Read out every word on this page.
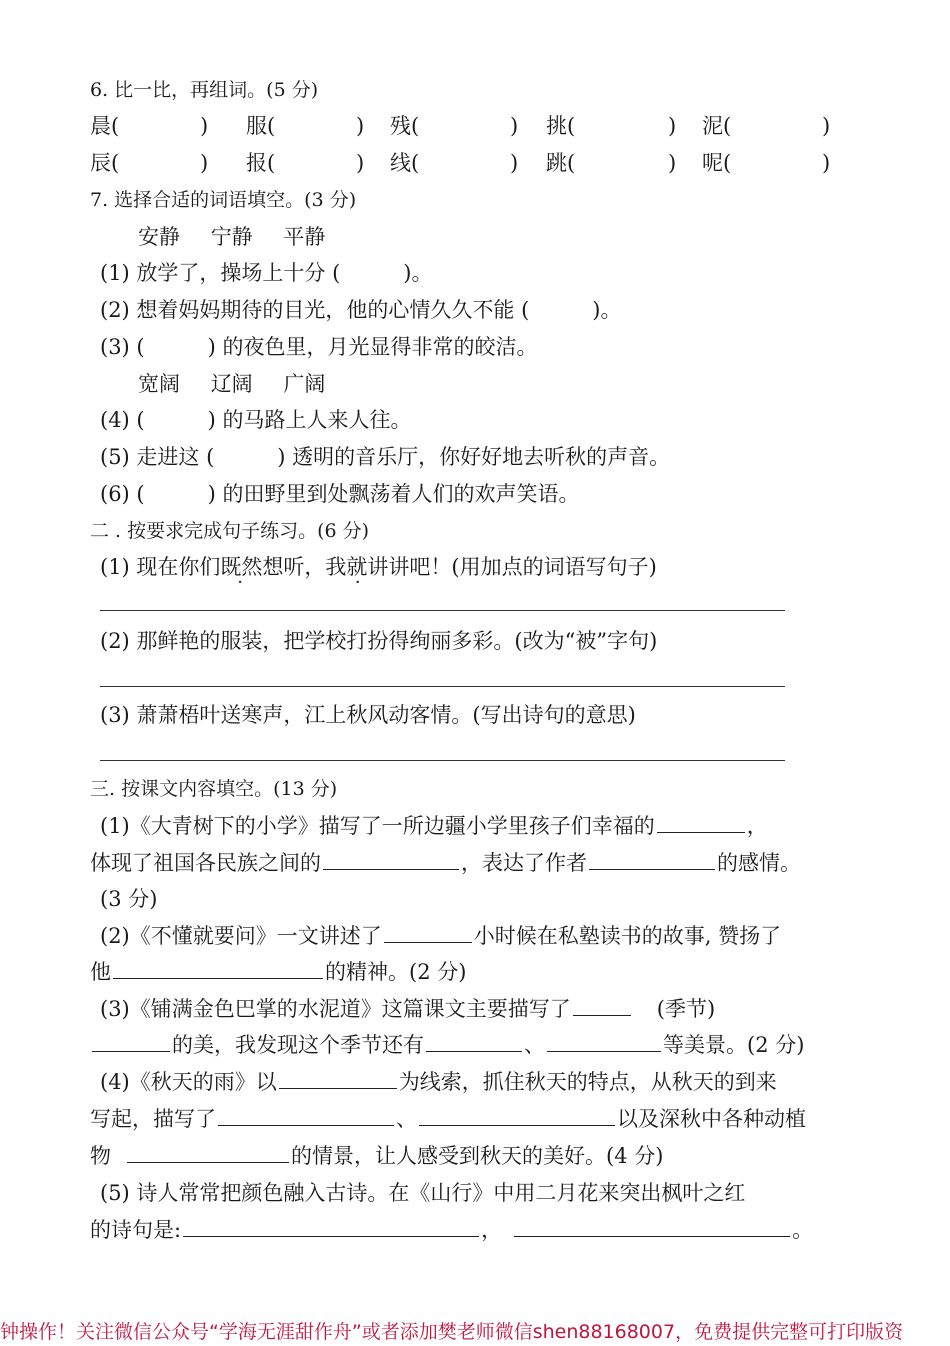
6. 比一比，再组词。(5 分)
晨(	) 服(	) 残(	) 挑(	) 泥(	)
辰(	) 报(	) 线(	) 跳(	) 呢(	)
7. 选择合适的词语填空。(3 分)
安静 宁静 平静
(1) 放学了，操场上十分 (　　　)。
(2) 想着妈妈期待的目光，他的心情久久不能 (　　　)。
(3) (　　　) 的夜色里，月光显得非常的皎洁。
宽阔 辽阔 广阔
(4) (　　　) 的马路上人来人往。
(5) 走进这 (　　　) 透明的音乐厅，你好好地去听秋的声音。
(6) (　　　) 的田野里到处飘荡着人们的欢声笑语。
二 . 按要求完成句子练习。(6 分)
(1) 现在你们既然想听，我就讲讲吧！(用加点的词语写句子)
(2) 那鲜艳的服装，把学校打扮得绚丽多彩。(改为“被”字句)
(3) 萧萧梧叶送寒声，江上秋风动客情。(写出诗句的意思)
三. 按课文内容填空。(13 分)
(1)《大青树下的小学》描写了一所边疆小学里孩子们幸福的	，
体现了祖国各民族之间的	，表达了作者	的感情。
(3 分)
(2)《不懂就要问》一文讲述了	小时候在私塾读书的故事, 赞扬了
他	的精神。(2 分)
(3)《铺满金色巴掌的水泥道》这篇课文主要描写了	(季节)
的美，我发现这个季节还有	、	等美景。(2 分)
(4)《秋天的雨》以	为线索，抓住秋天的特点，从秋天的到来
写起，描写了	、	以及深秋中各种动植
物	的情景，让人感受到秋天的美好。(4 分)
(5) 诗人常常把颜色融入古诗。在《山行》中用二月花来突出枫叶之红
的诗句是:	，	。
钟操作！关注微信公众号“学海无涯甜作舟”或者添加樊老师微信shen88168007，免费提供完整可打印版资
